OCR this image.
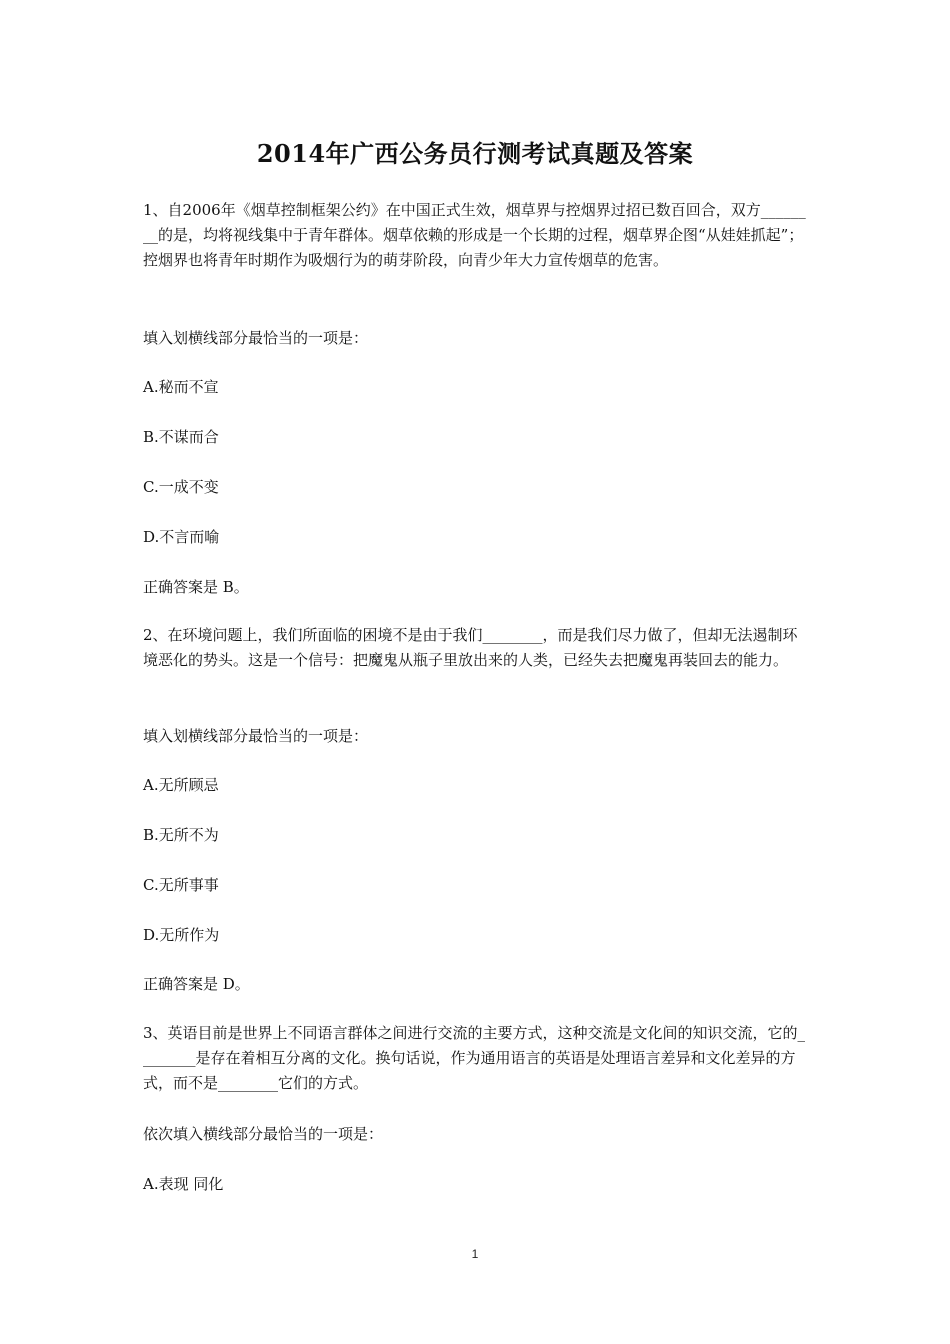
2014年广西公务员行测考试真题及答案

1、自2006年《烟草控制框架公约》在中国正式生效，烟草界与控烟界过招已数百回合，双方________的是，均将视线集中于青年群体。烟草依赖的形成是一个长期的过程，烟草界企图“从娃娃抓起”；控烟界也将青年时期作为吸烟行为的萌芽阶段，向青少年大力宣传烟草的危害。

填入划横线部分最恰当的一项是：

A.秘而不宣

B.不谋而合

C.一成不变

D.不言而喻

正确答案是 B。

2、在环境问题上，我们所面临的困境不是由于我们________，而是我们尽力做了，但却无法遏制环境恶化的势头。这是一个信号：把魔鬼从瓶子里放出来的人类，已经失去把魔鬼再装回去的能力。

填入划横线部分最恰当的一项是：

A.无所顾忌

B.无所不为

C.无所事事

D.无所作为

正确答案是 D。

3、英语目前是世界上不同语言群体之间进行交流的主要方式，这种交流是文化间的知识交流，它的________是存在着相互分离的文化。换句话说，作为通用语言的英语是处理语言差异和文化差异的方式，而不是________它们的方式。

依次填入横线部分最恰当的一项是：

A.表现 同化

1
